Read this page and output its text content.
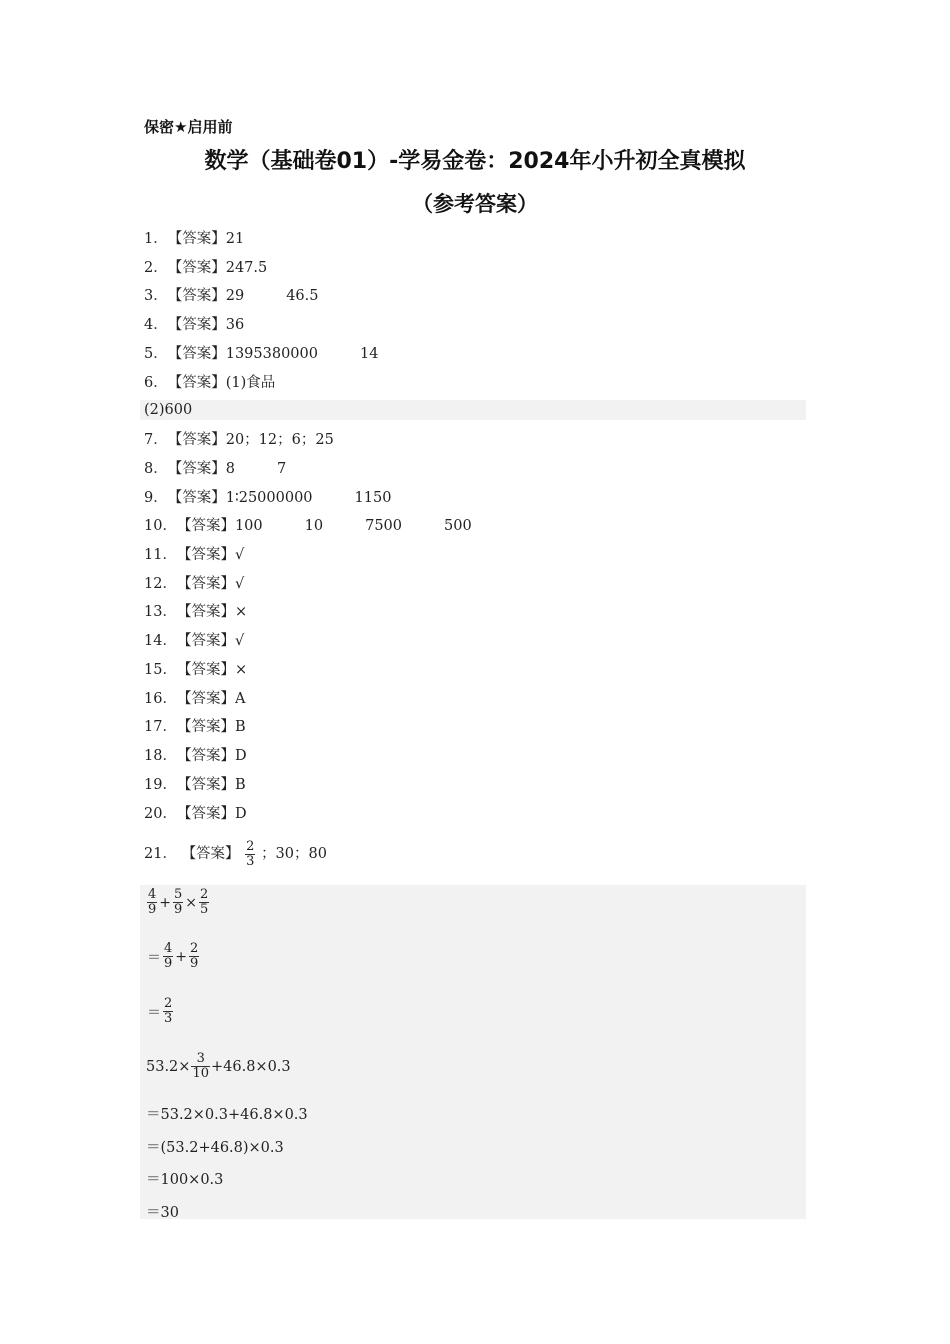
保密★启用前
数学（基础卷01）-学易金卷：2024年小升初全真模拟
（参考答案）
1．【答案】21
2．【答案】247.5
3．【答案】29	46.5
4．【答案】36
5．【答案】1395380000	14
6．【答案】(1)食品
7．【答案】20；12；6；25
8．【答案】8	7
9．【答案】1∶25000000	1150
10．【答案】100	10	7500	500
11．【答案】√
12．【答案】√
13．【答案】×
14．【答案】√
15．【答案】×
16．【答案】A
17．【答案】B
18．【答案】D
19．【答案】B
20．【答案】D
(2)600
21． 【答案】 $\frac{2}{3}$ ；30；80
$\frac{4}{9} + \frac{5}{9} \times \frac{2}{5}$
＝ $\frac{4}{9} + \frac{2}{9}$
＝ $\frac{2}{3}$
$53.2\times \frac{3}{10} +46.8\times 0.3$
＝53.2×0.3+46.8×0.3
＝(53.2+46.8)×0.3
＝100×0.3
＝30
